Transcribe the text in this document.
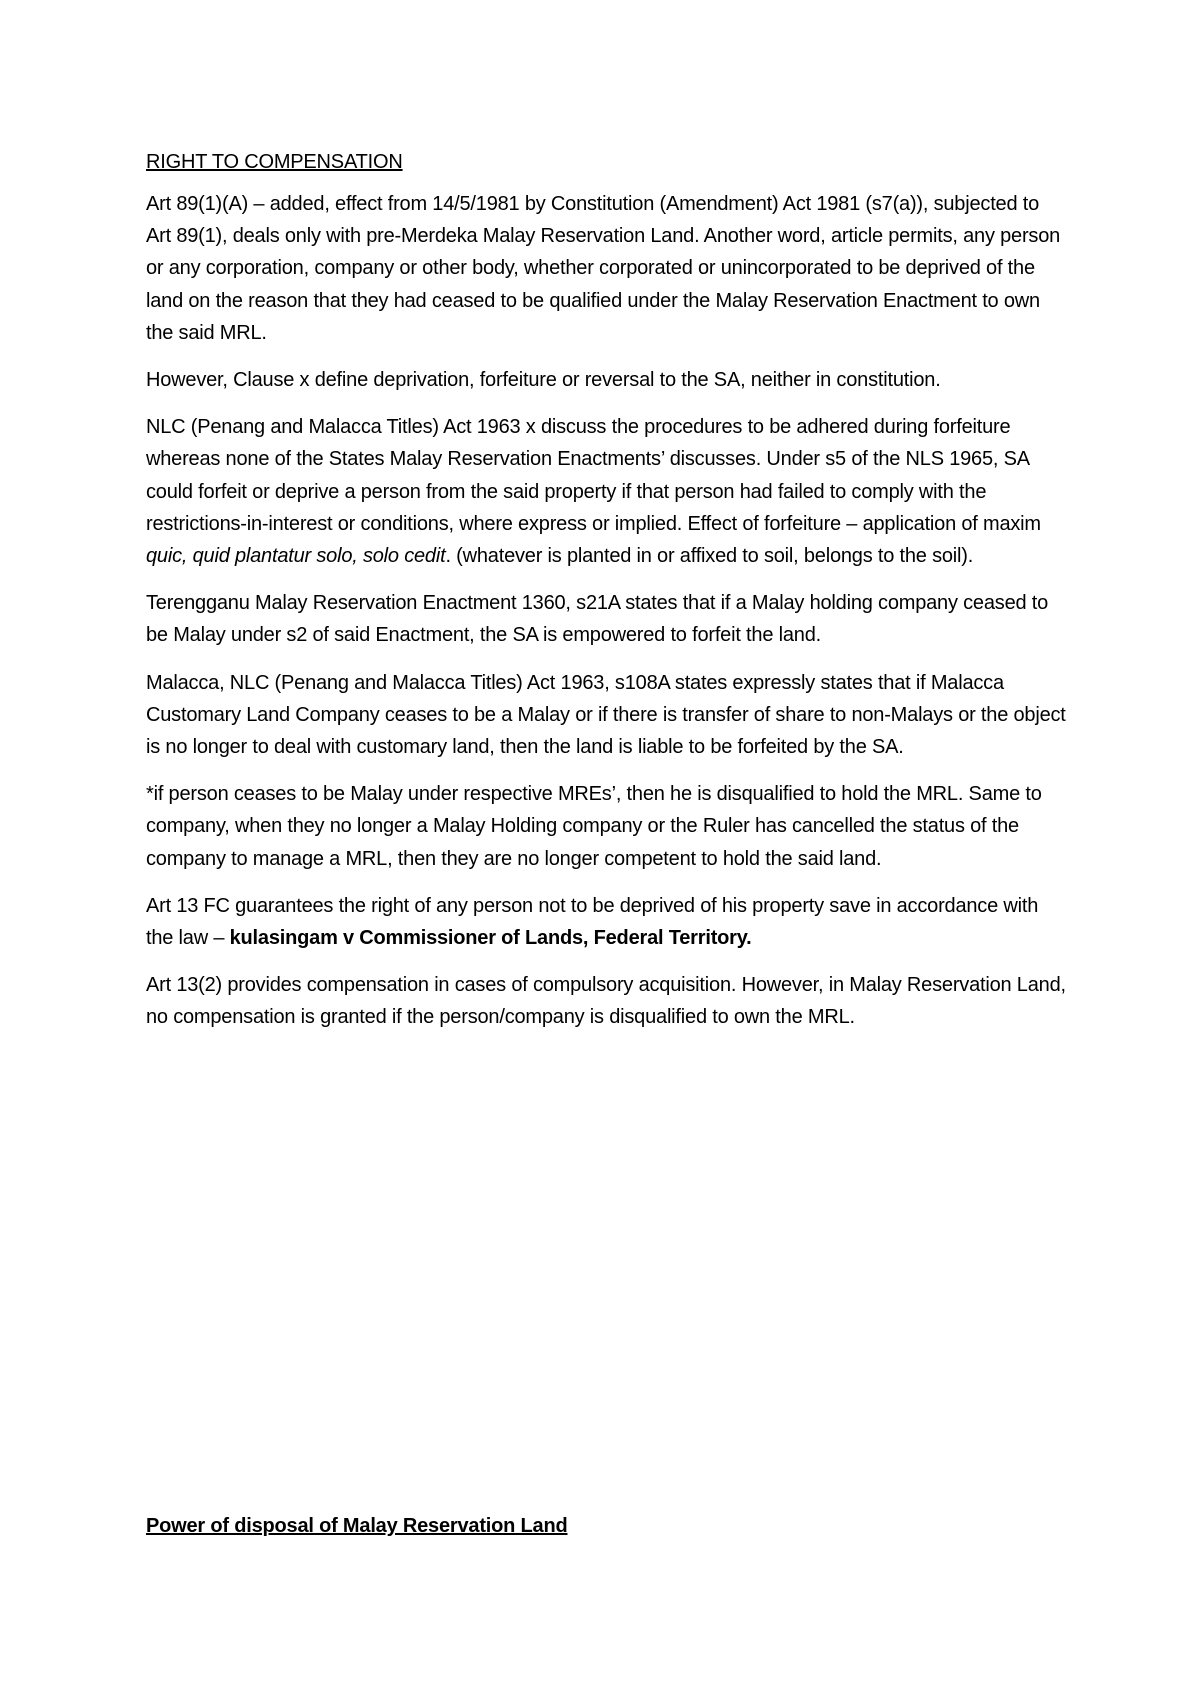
RIGHT TO COMPENSATION

Art 89(1)(A) – added, effect from 14/5/1981 by Constitution (Amendment) Act 1981 (s7(a)), subjected to Art 89(1), deals only with pre-Merdeka Malay Reservation Land. Another word, article permits, any person or any corporation, company or other body, whether corporated or unincorporated to be deprived of the land on the reason that they had ceased to be qualified under the Malay Reservation Enactment to own the said MRL.

However, Clause x define deprivation, forfeiture or reversal to the SA, neither in constitution.

NLC (Penang and Malacca Titles) Act 1963 x discuss the procedures to be adhered during forfeiture whereas none of the States Malay Reservation Enactments’ discusses. Under s5 of the NLS 1965, SA could forfeit or deprive a person from the said property if that person had failed to comply with the restrictions-in-interest or conditions, where express or implied. Effect of forfeiture – application of maxim quic, quid plantatur solo, solo cedit. (whatever is planted in or affixed to soil, belongs to the soil).

Terengganu Malay Reservation Enactment 1360, s21A states that if a Malay holding company ceased to be Malay under s2 of said Enactment, the SA is empowered to forfeit the land.

Malacca, NLC (Penang and Malacca Titles) Act 1963, s108A states expressly states that if Malacca Customary Land Company ceases to be a Malay or if there is transfer of share to non-Malays or the object is no longer to deal with customary land, then the land is liable to be forfeited by the SA.

*if person ceases to be Malay under respective MREs’, then he is disqualified to hold the MRL. Same to company, when they no longer a Malay Holding company or the Ruler has cancelled the status of the company to manage a MRL, then they are no longer competent to hold the said land.

Art 13 FC guarantees the right of any person not to be deprived of his property save in accordance with the law – kulasingam v Commissioner of Lands, Federal Territory.

Art 13(2) provides compensation in cases of compulsory acquisition. However, in Malay Reservation Land, no compensation is granted if the person/company is disqualified to own the MRL.

Power of disposal of Malay Reservation Land
